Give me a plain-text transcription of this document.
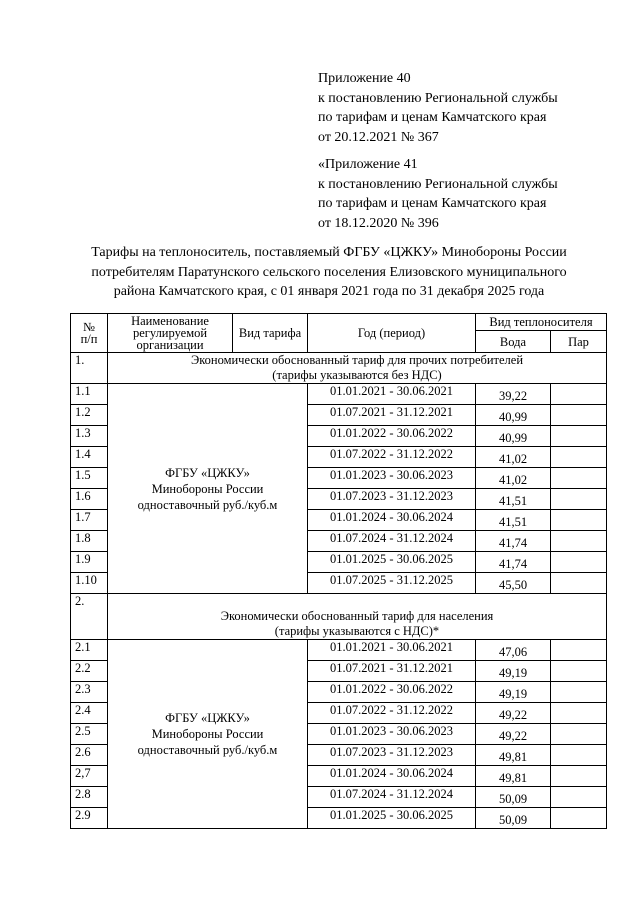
Приложение 40
к постановлению Региональной службы
по тарифам и ценам Камчатского края
от 20.12.2021 № 367
«Приложение 41
к постановлению Региональной службы
по тарифам и ценам Камчатского края
от 18.12.2020 № 396
Тарифы на теплоноситель, поставляемый ФГБУ «ЦЖКУ» Минобороны России
потребителям Паратунского сельского поселения Елизовского муниципального
района Камчатского края, с 01 января 2021 года по 31 декабря 2025 года
№
п/п	Наименование
регулируемой
организации	Вид тарифа	Год (период)	Вид теплоносителя	
				Вода	Пар
1.	Экономически обоснованный тариф для прочих потребителей
(тарифы указываются без НДС)				
1.1	ФГБУ «ЦЖКУ»
Минобороны России
одноставочный руб./куб.м		01.01.2021 - 30.06.2021	39,22	
1.2			01.07.2021 - 31.12.2021	40,99	
1.3			01.01.2022 - 30.06.2022	40,99	
1.4			01.07.2022 - 31.12.2022	41,02	
1.5			01.01.2023 - 30.06.2023	41,02	
1.6			01.07.2023 - 31.12.2023	41,51	
1.7			01.01.2024 - 30.06.2024	41,51	
1.8			01.07.2024 - 31.12.2024	41,74	
1.9			01.01.2025 - 30.06.2025	41,74	
1.10			01.07.2025 - 31.12.2025	45,50	
2.	Экономически обоснованный тариф для населения
(тарифы указываются с НДС)*				
2.1	ФГБУ «ЦЖКУ»
Минобороны России
одноставочный руб./куб.м		01.01.2021 - 30.06.2021	47,06	
2.2			01.07.2021 - 31.12.2021	49,19	
2.3			01.01.2022 - 30.06.2022	49,19	
2.4			01.07.2022 - 31.12.2022	49,22	
2.5			01.01.2023 - 30.06.2023	49,22	
2.6			01.07.2023 - 31.12.2023	49,81	
2,7			01.01.2024 - 30.06.2024	49,81	
2.8			01.07.2024 - 31.12.2024	50,09	
2.9			01.01.2025 - 30.06.2025	50,09	
